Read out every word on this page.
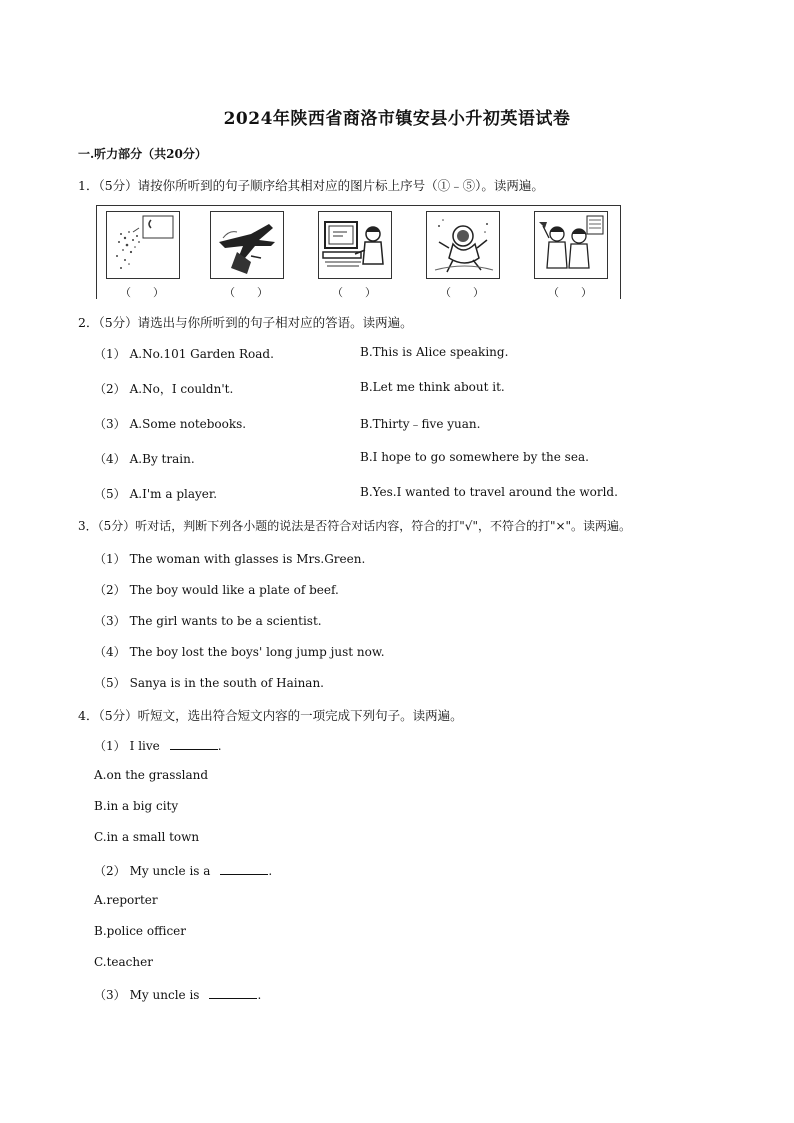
2024年陕西省商洛市镇安县小升初英语试卷
一.听力部分（共20分）
1．（5分）请按你所听到的句子顺序给其相对应的图片标上序号（①﹣⑤）。读两遍。
（　　）	（　　）	（　　）	（　　）	（　　）
2．（5分）请选出与你所听到的句子相对应的答语。读两遍。
（1） A.No.101 Garden Road.	B.This is Alice speaking.
（2） A.No，I couldn't.	B.Let me think about it.
（3） A.Some notebooks.	B.Thirty﹣five yuan.
（4） A.By train.	B.I hope to go somewhere by the sea.
（5） A.I'm a player.	B.Yes.I wanted to travel around the world.
3．（5分）听对话，判断下列各小题的说法是否符合对话内容，符合的打"√"，不符合的打"×"。读两遍。
（1） The woman with glasses is Mrs.Green.
（2） The boy would like a plate of beef.
（3） The girl wants to be a scientist.
（4） The boy lost the boys' long jump just now.
（5） Sanya is in the south of Hainan.
4．（5分）听短文，选出符合短文内容的一项完成下列句子。读两遍。
（1） I live	.
A.on the grassland
B.in a big city
C.in a small town
（2） My uncle is a	.
A.reporter
B.police officer
C.teacher
（3） My uncle is	.
